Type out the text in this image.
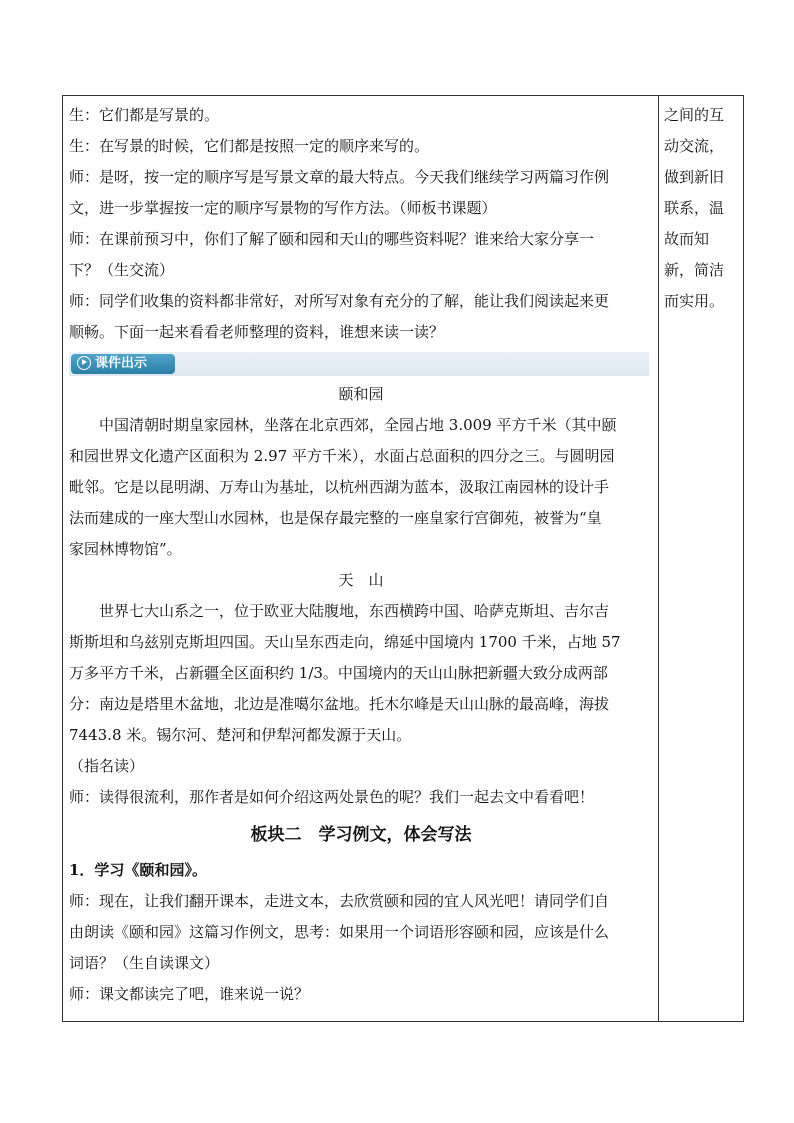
生：它们都是写景的。

生：在写景的时候，它们都是按照一定的顺序来写的。

师：是呀，按一定的顺序写是写景文章的最大特点。今天我们继续学习两篇习作例

文，进一步掌握按一定的顺序写景物的写作方法。（师板书课题）

师：在课前预习中，你们了解了颐和园和天山的哪些资料呢？谁来给大家分享一

下？（生交流）

师：同学们收集的资料都非常好，对所写对象有充分的了解，能让我们阅读起来更

顺畅。下面一起来看看老师整理的资料，谁想来读一读？

课件出示

颐和园

中国清朝时期皇家园林，坐落在北京西郊，全园占地 3.009 平方千米（其中颐

和园世界文化遗产区面积为 2.97 平方千米），水面占总面积的四分之三。与圆明园

毗邻。它是以昆明湖、万寿山为基址，以杭州西湖为蓝本，汲取江南园林的设计手

法而建成的一座大型山水园林，也是保存最完整的一座皇家行宫御苑，被誉为“皇

家园林博物馆”。

天　山

世界七大山系之一，位于欧亚大陆腹地，东西横跨中国、哈萨克斯坦、吉尔吉

斯斯坦和乌兹别克斯坦四国。天山呈东西走向，绵延中国境内 1700 千米，占地 57

万多平方千米，占新疆全区面积约 1/3。中国境内的天山山脉把新疆大致分成两部

分：南边是塔里木盆地，北边是准噶尔盆地。托木尔峰是天山山脉的最高峰，海拔

7443.8 米。锡尔河、楚河和伊犁河都发源于天山。

（指名读）

师：读得很流利，那作者是如何介绍这两处景色的呢？我们一起去文中看看吧！

板块二　学习例文，体会写法

1．学习《颐和园》。

师：现在，让我们翻开课本，走进文本，去欣赏颐和园的宜人风光吧！请同学们自

由朗读《颐和园》这篇习作例文，思考：如果用一个词语形容颐和园，应该是什么

词语？（生自读课文）

师：课文都读完了吧，谁来说一说？

之间的互

动交流，

做到新旧

联系，温

故而知

新，简洁

而实用。
